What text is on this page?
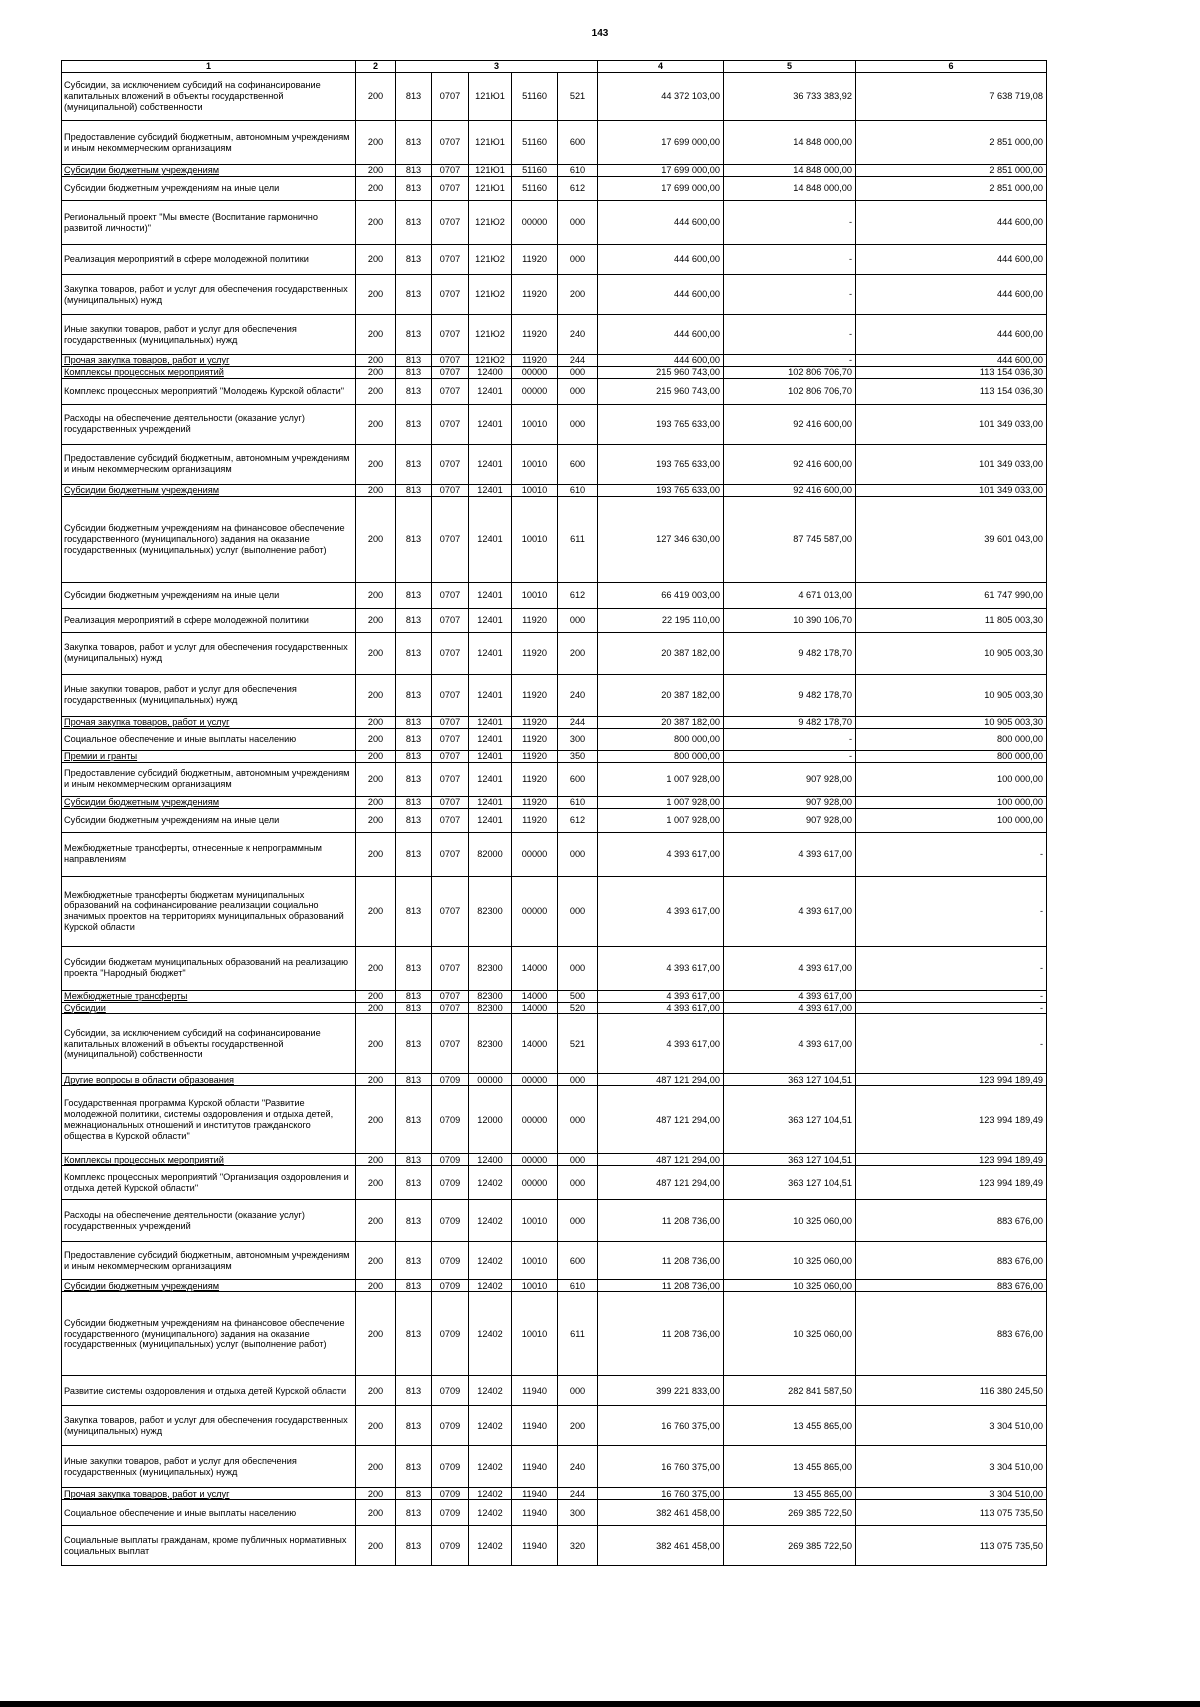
143
1	2	3					4	5	6
Субсидии, за исключением субсидий на софинансирование капитальных вложений в объекты государственной (муниципальной) собственности	200	813	0707	121Ю1	51160	521	44 372 103,00	36 733 383,92	7 638 719,08
Предоставление субсидий бюджетным, автономным учреждениям и иным некоммерческим организациям	200	813	0707	121Ю1	51160	600	17 699 000,00	14 848 000,00	2 851 000,00
Субсидии бюджетным учреждениям	200	813	0707	121Ю1	51160	610	17 699 000,00	14 848 000,00	2 851 000,00
Субсидии бюджетным учреждениям на иные цели	200	813	0707	121Ю1	51160	612	17 699 000,00	14 848 000,00	2 851 000,00
Региональный проект "Мы вместе (Воспитание гармонично развитой личности)"	200	813	0707	121Ю2	00000	000	444 600,00	-	444 600,00
Реализация мероприятий в сфере молодежной политики	200	813	0707	121Ю2	11920	000	444 600,00	-	444 600,00
Закупка товаров, работ и услуг для обеспечения государственных (муниципальных) нужд	200	813	0707	121Ю2	11920	200	444 600,00	-	444 600,00
Иные закупки товаров, работ и услуг для обеспечения государственных (муниципальных) нужд	200	813	0707	121Ю2	11920	240	444 600,00	-	444 600,00
Прочая закупка товаров, работ и услуг	200	813	0707	121Ю2	11920	244	444 600,00	-	444 600,00
Комплексы процессных мероприятий	200	813	0707	12400	00000	000	215 960 743,00	102 806 706,70	113 154 036,30
Комплекс процессных мероприятий "Молодежь Курской области"	200	813	0707	12401	00000	000	215 960 743,00	102 806 706,70	113 154 036,30
Расходы на обеспечение деятельности (оказание услуг) государственных учреждений	200	813	0707	12401	10010	000	193 765 633,00	92 416 600,00	101 349 033,00
Предоставление субсидий бюджетным, автономным учреждениям и иным некоммерческим организациям	200	813	0707	12401	10010	600	193 765 633,00	92 416 600,00	101 349 033,00
Субсидии бюджетным учреждениям	200	813	0707	12401	10010	610	193 765 633,00	92 416 600,00	101 349 033,00
Субсидии бюджетным учреждениям на финансовое обеспечение государственного (муниципального) задания на оказание государственных (муниципальных) услуг (выполнение работ)	200	813	0707	12401	10010	611	127 346 630,00	87 745 587,00	39 601 043,00
Субсидии бюджетным учреждениям на иные цели	200	813	0707	12401	10010	612	66 419 003,00	4 671 013,00	61 747 990,00
Реализация мероприятий в сфере молодежной политики	200	813	0707	12401	11920	000	22 195 110,00	10 390 106,70	11 805 003,30
Закупка товаров, работ и услуг для обеспечения государственных (муниципальных) нужд	200	813	0707	12401	11920	200	20 387 182,00	9 482 178,70	10 905 003,30
Иные закупки товаров, работ и услуг для обеспечения государственных (муниципальных) нужд	200	813	0707	12401	11920	240	20 387 182,00	9 482 178,70	10 905 003,30
Прочая закупка товаров, работ и услуг	200	813	0707	12401	11920	244	20 387 182,00	9 482 178,70	10 905 003,30
Социальное обеспечение и иные выплаты населению	200	813	0707	12401	11920	300	800 000,00	-	800 000,00
Премии и гранты	200	813	0707	12401	11920	350	800 000,00	-	800 000,00
Предоставление субсидий бюджетным, автономным учреждениям и иным некоммерческим организациям	200	813	0707	12401	11920	600	1 007 928,00	907 928,00	100 000,00
Субсидии бюджетным учреждениям	200	813	0707	12401	11920	610	1 007 928,00	907 928,00	100 000,00
Субсидии бюджетным учреждениям на иные цели	200	813	0707	12401	11920	612	1 007 928,00	907 928,00	100 000,00
Межбюджетные трансферты, отнесенные к непрограммным направлениям	200	813	0707	82000	00000	000	4 393 617,00	4 393 617,00	-
Межбюджетные трансферты бюджетам муниципальных образований на софинансирование реализации социально значимых проектов на территориях муниципальных образований Курской области	200	813	0707	82300	00000	000	4 393 617,00	4 393 617,00	-
Субсидии бюджетам муниципальных образований на реализацию проекта "Народный бюджет"	200	813	0707	82300	14000	000	4 393 617,00	4 393 617,00	-
Межбюджетные трансферты	200	813	0707	82300	14000	500	4 393 617,00	4 393 617,00	-
Субсидии	200	813	0707	82300	14000	520	4 393 617,00	4 393 617,00	-
Субсидии, за исключением субсидий на софинансирование капитальных вложений в объекты государственной (муниципальной) собственности	200	813	0707	82300	14000	521	4 393 617,00	4 393 617,00	-
Другие вопросы в области образования	200	813	0709	00000	00000	000	487 121 294,00	363 127 104,51	123 994 189,49
Государственная программа Курской области "Развитие молодежной политики, системы оздоровления и отдыха детей, межнациональных отношений и институтов гражданского общества в Курской области"	200	813	0709	12000	00000	000	487 121 294,00	363 127 104,51	123 994 189,49
Комплексы процессных мероприятий	200	813	0709	12400	00000	000	487 121 294,00	363 127 104,51	123 994 189,49
Комплекс процессных мероприятий "Организация оздоровления и отдыха детей Курской области"	200	813	0709	12402	00000	000	487 121 294,00	363 127 104,51	123 994 189,49
Расходы на обеспечение деятельности (оказание услуг) государственных учреждений	200	813	0709	12402	10010	000	11 208 736,00	10 325 060,00	883 676,00
Предоставление субсидий бюджетным, автономным учреждениям и иным некоммерческим организациям	200	813	0709	12402	10010	600	11 208 736,00	10 325 060,00	883 676,00
Субсидии бюджетным учреждениям	200	813	0709	12402	10010	610	11 208 736,00	10 325 060,00	883 676,00
Субсидии бюджетным учреждениям на финансовое обеспечение государственного (муниципального) задания на оказание государственных (муниципальных) услуг (выполнение работ)	200	813	0709	12402	10010	611	11 208 736,00	10 325 060,00	883 676,00
Развитие системы оздоровления и отдыха детей Курской области	200	813	0709	12402	11940	000	399 221 833,00	282 841 587,50	116 380 245,50
Закупка товаров, работ и услуг для обеспечения государственных (муниципальных) нужд	200	813	0709	12402	11940	200	16 760 375,00	13 455 865,00	3 304 510,00
Иные закупки товаров, работ и услуг для обеспечения государственных (муниципальных) нужд	200	813	0709	12402	11940	240	16 760 375,00	13 455 865,00	3 304 510,00
Прочая закупка товаров, работ и услуг	200	813	0709	12402	11940	244	16 760 375,00	13 455 865,00	3 304 510,00
Социальное обеспечение и иные выплаты населению	200	813	0709	12402	11940	300	382 461 458,00	269 385 722,50	113 075 735,50
Социальные выплаты гражданам, кроме публичных нормативных социальных выплат	200	813	0709	12402	11940	320	382 461 458,00	269 385 722,50	113 075 735,50
